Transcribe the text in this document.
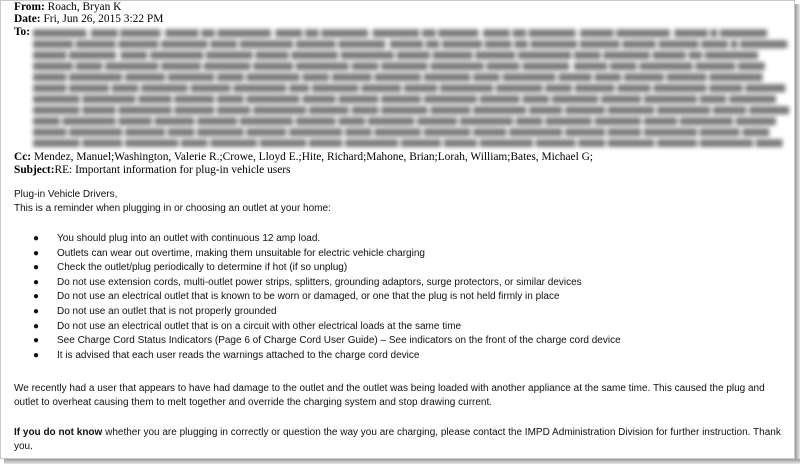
From: Roach, Bryan K
Date: Fri, Jun 26, 2015 3:22 PM
To: ▆▆▆▆▆▆▆▆, ▆▆▆▆ ▆▆▆▆▆▆; ▆▆▆▆▆ ▆▆ ▆▆▆▆▆▆▆▆; ▆▆▆▆ ▆▆ ▆▆▆▆▆▆▆; ▆▆▆▆▆▆▆ ▆▆ ▆▆▆▆▆▆; ▆▆▆▆ ▆▆ ▆▆▆▆▆▆▆; ▆▆▆▆▆ ▆▆▆▆▆▆▆▆; ▆▆▆▆▆ ▆ ▆▆▆▆▆▆▆; ▆▆▆▆▆▆ ▆▆▆▆▆▆ ▆▆▆▆▆▆ ▆▆▆▆▆▆▆ ▆▆▆▆ ▆▆▆▆▆▆▆▆ ▆▆▆▆▆▆ ▆▆▆▆▆▆▆; ▆▆▆▆▆ ▆▆ ▆▆▆▆▆▆ ▆▆▆▆ ▆▆ ▆▆▆▆▆▆▆ ▆▆▆▆▆▆ ▆▆▆▆▆ ▆▆▆▆▆▆ ▆▆▆▆ ▆ ▆▆▆▆▆▆▆; ▆▆▆▆▆ ▆▆▆▆▆▆▆; ▆▆▆▆ ▆▆▆▆▆▆▆▆ ▆▆▆▆▆▆▆ ▆▆▆▆▆ ▆▆▆▆▆▆▆ ▆▆▆▆▆▆▆▆ ▆▆▆▆▆ ▆▆▆▆▆▆ ▆▆▆▆▆▆ ▆▆▆▆▆▆▆▆ ▆▆▆▆ ▆▆▆▆▆▆▆ ▆▆▆▆▆ ▆▆ ▆▆▆▆▆▆▆▆ ▆▆▆▆▆▆ ▆▆▆▆ ▆▆▆▆▆▆▆▆ ▆▆▆▆▆▆ ▆▆▆▆▆▆▆ ▆▆▆▆▆▆ ▆▆▆▆▆▆▆▆ ▆▆▆▆ ▆▆▆▆▆▆▆ ▆▆▆▆▆▆▆▆ ▆▆▆▆▆ ▆▆▆▆▆▆▆; ▆▆▆▆▆ ▆▆▆▆ ▆▆▆▆▆▆▆▆ ▆▆▆▆▆▆ ▆▆▆▆ ▆▆▆▆▆ ▆▆▆▆▆▆▆▆ ▆▆▆▆▆▆ ▆▆▆▆▆▆▆ ▆▆▆▆ ▆▆▆▆▆▆▆▆ ▆▆▆▆ ▆▆▆▆▆▆ ▆▆▆▆▆▆▆ ▆▆▆▆▆▆▆ ▆▆▆▆ ▆▆▆▆▆▆▆▆ ▆▆▆▆▆ ▆▆▆▆ ▆▆▆▆▆▆ ▆▆▆▆▆▆ ▆▆▆▆▆▆▆▆ ▆▆▆▆▆ ▆▆▆▆▆▆ ▆▆▆▆ ▆▆▆▆▆▆▆ ▆▆▆▆▆▆ ▆▆▆▆▆▆▆▆ ▆▆▆ ▆▆▆▆▆▆▆ ▆▆▆▆▆▆ ▆▆▆▆▆ ▆▆▆▆▆▆▆▆ ▆▆▆▆▆▆▆ ▆▆▆▆ ▆▆▆▆▆▆ ▆▆▆▆▆ ▆▆▆▆▆▆▆▆ ▆▆▆▆▆ ▆▆▆▆▆▆ ▆▆▆▆▆▆▆ ▆▆▆▆▆▆▆▆ ▆▆▆▆▆ ▆▆▆▆▆▆ ▆▆▆▆ ▆▆▆▆▆▆▆▆ ▆▆▆▆▆ ▆▆▆▆▆▆ ▆▆▆▆▆▆ ▆▆▆▆▆▆▆▆ ▆▆▆▆▆▆ ▆▆▆▆ ▆▆▆▆▆▆▆ ▆▆▆▆▆▆ ▆▆▆▆▆▆▆▆ ▆▆▆▆ ▆▆▆▆▆▆▆ ▆▆▆▆▆▆▆ ▆▆▆▆▆ ▆▆▆▆▆▆▆▆ ▆▆▆▆▆▆ ▆▆▆▆▆ ▆▆▆▆▆▆▆▆ ▆▆▆▆▆▆ ▆▆▆▆ ▆▆▆▆▆▆▆ ▆▆▆▆▆▆ ▆▆▆▆▆▆▆▆ ▆▆▆▆▆ ▆▆▆▆▆▆ ▆▆▆▆▆▆▆ ▆▆▆▆▆▆▆▆ ▆▆▆▆▆ ▆▆▆▆▆▆ ▆▆▆▆ ▆▆▆▆▆▆▆▆ ▆▆▆▆▆ ▆▆▆▆▆▆ ▆▆▆▆▆▆ ▆▆▆▆▆▆▆▆ ▆▆▆▆▆▆ ▆▆▆▆ ▆▆▆▆▆▆▆ ▆▆▆▆▆▆ ▆▆▆▆▆▆▆▆ ▆▆▆▆ ▆▆▆▆▆▆▆ ▆▆▆▆▆▆▆ ▆▆▆▆▆ ▆▆▆▆▆▆▆▆ ▆▆▆▆▆▆ ▆▆▆▆▆ ▆▆▆▆▆▆▆▆ ▆▆▆▆▆▆ ▆▆▆▆ ▆▆▆▆▆▆▆ ▆▆▆▆▆▆ ▆▆▆▆▆▆▆▆ ▆▆▆▆ ▆▆▆▆▆▆▆ ▆▆▆▆▆▆▆ ▆▆▆▆▆ ▆▆▆▆▆▆▆▆ ▆▆▆▆▆▆ ▆▆▆▆▆ ▆▆▆▆▆▆▆▆ ▆▆▆▆▆▆ ▆▆▆▆ ▆▆▆▆▆▆▆ ▆▆▆▆▆▆ ▆▆▆▆▆▆▆▆ ▆▆▆▆ ▆▆▆▆▆▆▆ ▆▆▆▆▆▆▆ ▆▆▆▆▆ ▆▆▆▆▆▆▆▆ ▆▆▆▆▆▆ ▆▆▆▆▆ ▆▆▆▆▆▆▆▆ ▆▆▆▆▆▆ ▆▆▆▆ ▆▆▆▆▆▆▆ ▆▆▆▆▆▆ ▆▆▆▆▆▆▆▆ ▆▆▆▆
Cc: Mendez, Manuel;Washington, Valerie R.;Crowe, Lloyd E.;Hite, Richard;Mahone, Brian;Lorah, William;Bates, Michael G;
Subject:RE: Important information for plug-in vehicle users
Plug-in Vehicle Drivers,
This is a reminder when plugging in or choosing an outlet at your home:
● You should plug into an outlet with continuous 12 amp load.
● Outlets can wear out overtime, making them unsuitable for electric vehicle charging
● Check the outlet/plug periodically to determine if hot (if so unplug)
● Do not use extension cords, multi-outlet power strips, splitters, grounding adaptors, surge protectors, or similar devices
● Do not use an electrical outlet that is known to be worn or damaged, or one that the plug is not held firmly in place
● Do not use an outlet that is not properly grounded
● Do not use an electrical outlet that is on a circuit with other electrical loads at the same time
● See Charge Cord Status Indicators (Page 6 of Charge Cord User Guide) – See indicators on the front of the charge cord device
● It is advised that each user reads the warnings attached to the charge cord device
We recently had a user that appears to have had damage to the outlet and the outlet was being loaded with another appliance at the same time. This caused the plug and outlet to overheat causing them to melt together and override the charging system and stop drawing current.
If you do not know whether you are plugging in correctly or question the way you are charging, please contact the IMPD Administration Division for further instruction. Thank you.
